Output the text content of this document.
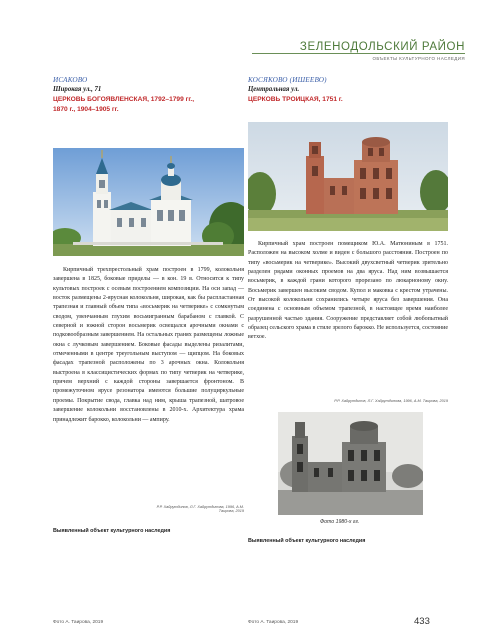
ЗЕЛЕНОДОЛЬСКИЙ РАЙОН
ОБЪЕКТЫ КУЛЬТУРНОГО НАСЛЕДИЯ
ИСАКОВО
Широкая ул., 71
ЦЕРКОВЬ БОГОЯВЛЕНСКАЯ, 1792–1799 гг.,
1870 г., 1904–1905 гг.
Кирпичный трехпрестольный храм построен в 1799, колокольня завершена в 1825, боковые приделы — в кон. 19 в. Относится к типу культовых построек с осевым построением композиции. На оси запад — восток размещены 2-ярусная колокольня, широкая, как бы распластанная трапезная и главный объем типа «восьмерик на четверике» с сомкнутым сводом, увенчанным глухим восьмигранным барабаном с главкой. С северной и южной сторон восьмерик освещался арочными окнами с подковообразным завершением. На остальных гранях размещены ложные окна с лучковым завершением. Боковые фасады выделены ризалитами, отмеченными в центре треугольным выступом — щипцом. На боковых фасадах трапезной расположены по 3 арочных окна. Колокольня выстроена в классицистических формах по типу четверик на четверике, причем верхний с каждой стороны завершается фронтоном. В промежуточном ярусе резонатора имеются большие полуциркульные проемы. Покрытие свода, главка над ним, крыша трапезной, шатровое завершение колокольни восстановлены в 2010-х. Архитектура храма принадлежит барокко, колокольни — ампиру.
Р.Р. Хайрутдинов, Л.Г. Хайрутдинова, 1996, А.М. Таирова, 2019
Выявленный объект культурного наследия
Фото А. Таирова, 2019
КОСЯКОВО (ИШЕЕВО)
Центральная ул.
ЦЕРКОВЬ ТРОИЦКАЯ, 1751 г.
Кирпичный храм построен помещиком Ю.А. Матюниным в 1751. Расположен на высоком холме и виден с большого расстояния. Построен по типу «восьмерик на четверике». Высокий двухсветный четверик зрительно разделен рядами оконных проемов на два яруса. Над ним возвышается восьмерик, в каждой грани которого прорезано по люкарноному окну. Восьмерик завершен высоким сводом. Купол и маковка с крестом утрачены. От высокой колокольни сохранились четыре яруса без завершения. Она соединена с основным объемом трапезной, в настоящее время наиболее разрушенной частью здания. Сооружение представляет собой любопытный образец сельского храма в стиле зрелого барокко. Не используется, состояние ветхое.
Р.Р. Хайрутдинов, Л.Г. Хайрутдинова, 1996, А.М. Таирова, 2019
Фото 1980-х гг.
Выявленный объект культурного наследия
Фото А. Таирова, 2019	433
